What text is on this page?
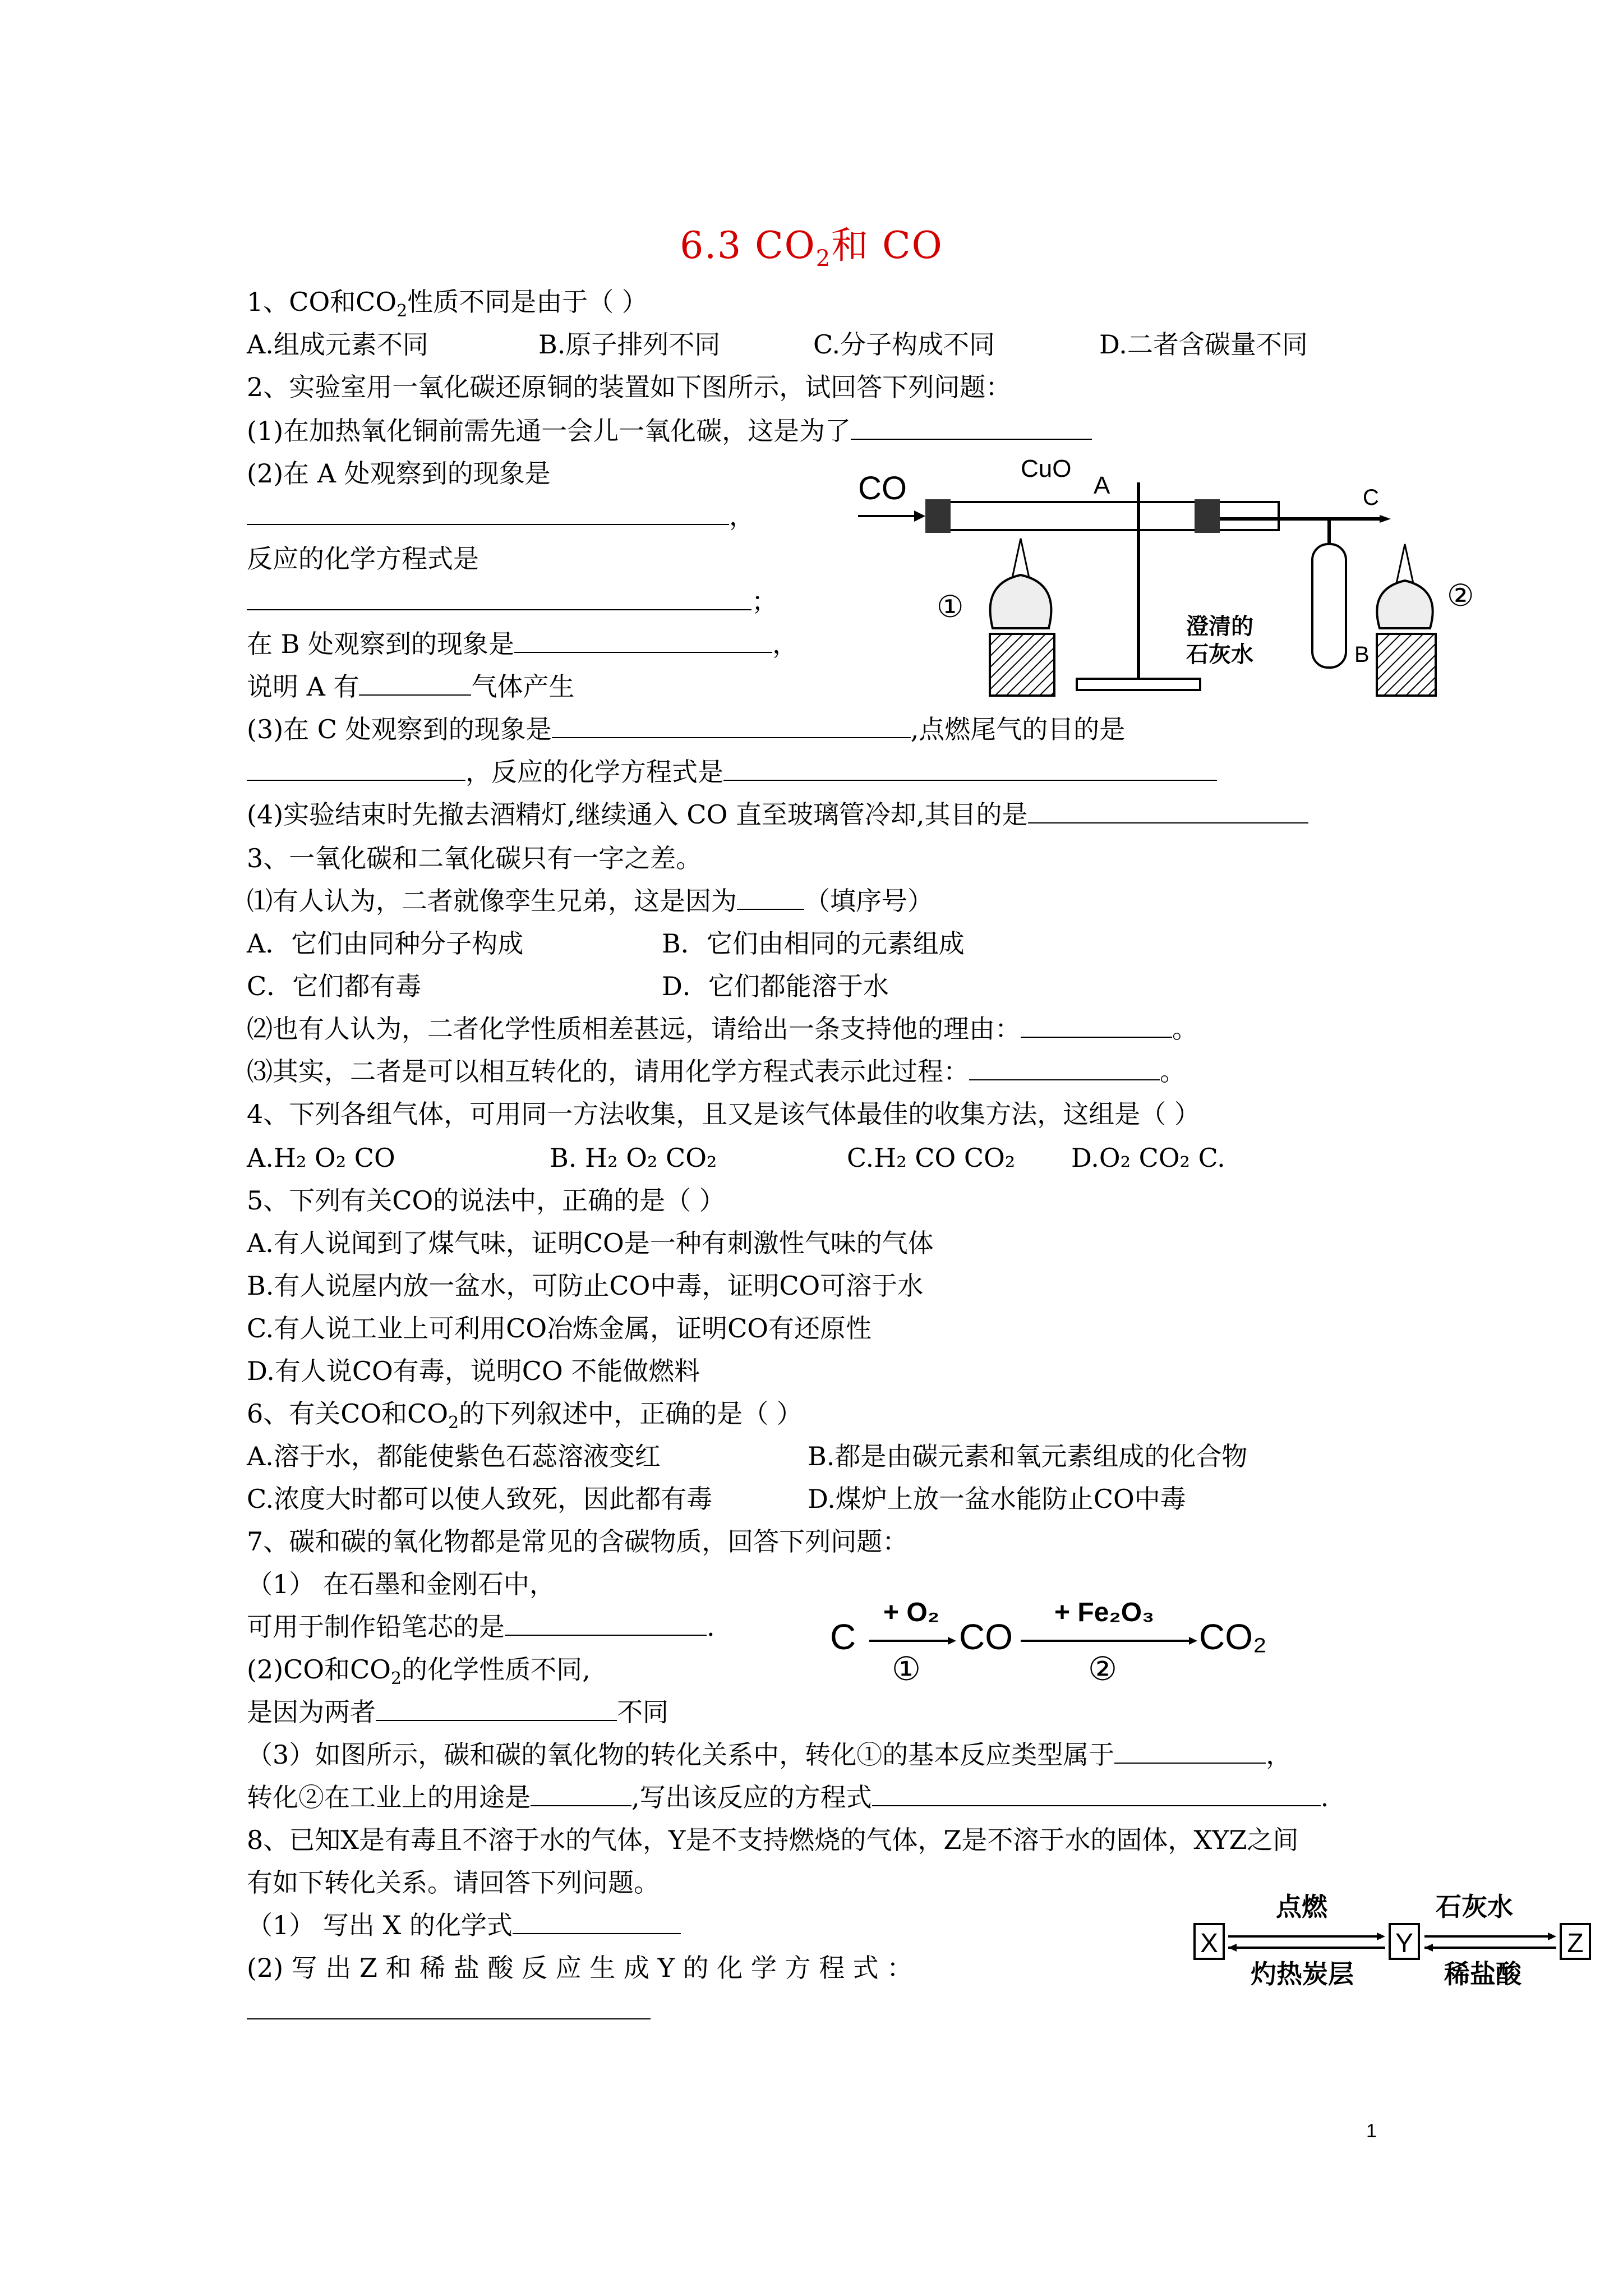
6.3 $CO_2$和 CO
1、CO和$CO_2$性质不同是由于（ ）
A.组成元素不同	B.原子排列不同	C.分子构成不同	D.二者含碳量不同
2、实验室用一氧化碳还原铜的装置如下图所示，试回答下列问题：
(1)在加热氧化铜前需先通一会儿一氧化碳，这是为了
(2)在 A 处观察到的现象是
，
反应的化学方程式是
；
在 B 处观察到的现象是	，
说明 A 有	气体产生
(3)在 C 处观察到的现象是	,点燃尾气的目的是
，反应的化学方程式是
(4)实验结束时先撤去酒精灯,继续通入 CO 直至玻璃管冷却,其目的是
CO
CuO
A	C
①
澄清的
石灰水	B
②
3、一氧化碳和二氧化碳只有一字之差。
⑴有人认为，二者就像孪生兄弟，这是因为	（填序号）
A．它们由同种分子构成	B．它们由相同的元素组成
C．它们都有毒	D．它们都能溶于水
⑵也有人认为，二者化学性质相差甚远，请给出一条支持他的理由：	。
⑶其实，二者是可以相互转化的，请用化学方程式表示此过程：	。
4、下列各组气体，可用同一方法收集，且又是该气体最佳的收集方法，这组是（ ）
A.H₂ O₂ CO	B. H₂ O₂ CO₂	C.H₂ CO CO₂ D.O₂ CO₂ C.
5、下列有关CO的说法中，正确的是（ ）
A.有人说闻到了煤气味，证明CO是一种有刺激性气味的气体
B.有人说屋内放一盆水，可防止CO中毒，证明CO可溶于水
C.有人说工业上可利用CO冶炼金属，证明CO有还原性
D.有人说CO有毒，说明CO 不能做燃料
6、有关CO和$CO_2$的下列叙述中，正确的是（ ）
A.溶于水，都能使紫色石蕊溶液变红	B.都是由碳元素和氧元素组成的化合物
C.浓度大时都可以使人致死，因此都有毒	D.煤炉上放一盆水能防止CO中毒
7、碳和碳的氧化物都是常见的含碳物质，回答下列问题：
（1） 在石墨和金刚石中，
可用于制作铅笔芯的是	.
(2)CO和$CO_2$的化学性质不同,
是因为两者	不同
（3）如图所示，碳和碳的氧化物的转化关系中，转化①的基本反应类型属于	，
转化②在工业上的用途是	,写出该反应的方程式	.
C
+ O₂
①
CO
+ Fe₂O₃
②
CO₂
8、已知X是有毒且不溶于水的气体，Y是不支持燃烧的气体，Z是不溶于水的固体，XYZ之间
有如下转化关系。请回答下列问题。
（1） 写出 X 的化学式
(2) 写 出 Z 和 稀 盐 酸 反 应 生 成 Y 的 化 学 方 程 式 ：
X
点燃
灼热炭层
Y
石灰水
稀盐酸
Z
1
